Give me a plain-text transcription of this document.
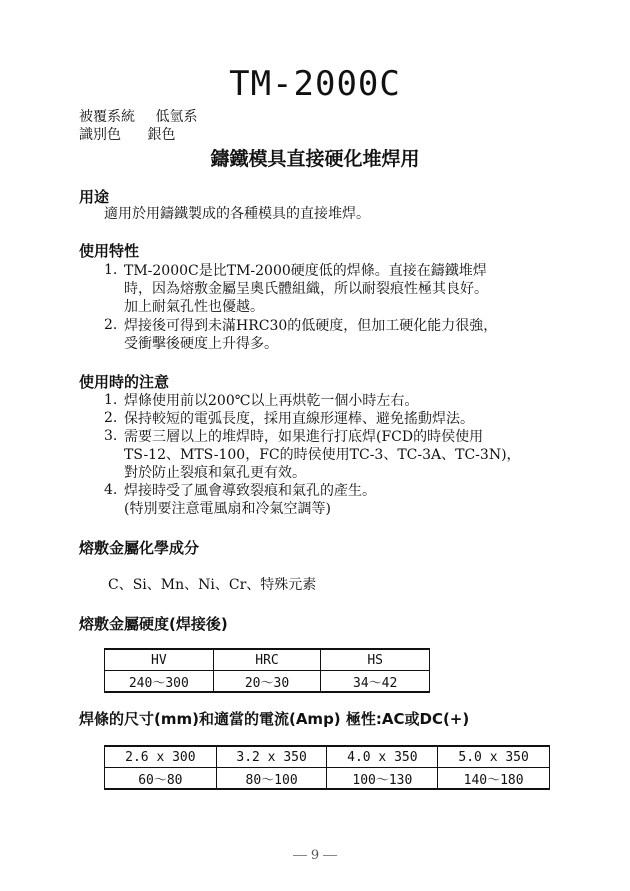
TM-2000C
被覆系統 低氫系
識別色 銀色
鑄鐵模具直接硬化堆焊用
用途
適用於用鑄鐵製成的各種模具的直接堆焊。
使用特性
1. TM-2000C是比TM-2000硬度低的焊條。直接在鑄鐵堆焊
時，因為熔敷金屬呈奧氏體組織，所以耐裂痕性極其良好。
加上耐氣孔性也優越。
2. 焊接後可得到未滿HRC30的低硬度，但加工硬化能力很強，
受衝擊後硬度上升得多。
使用時的注意
1. 焊條使用前以200℃以上再烘乾一個小時左右。
2. 保持較短的電弧長度，採用直線形運棒、避免搖動焊法。
3. 需要三層以上的堆焊時，如果進行打底焊(FCD的時侯使用
TS-12、MTS-100，FC的時侯使用TC-3、TC-3A、TC-3N)，
對於防止裂痕和氣孔更有效。
4. 焊接時受了風會導致裂痕和氣孔的產生。
(特別要注意電風扇和冷氣空調等)
熔敷金屬化學成分
C、Si、Mn、Ni、Cr、特殊元素
熔敷金屬硬度(焊接後)
HV	HRC	HS
240～300	20～30	34～42
焊條的尺寸(mm)和適當的電流(Amp) 極性:AC或DC(+)
2.6 x 300	3.2 x 350	4.0 x 350	5.0 x 350
60～80	80～100	100～130	140～180
9
